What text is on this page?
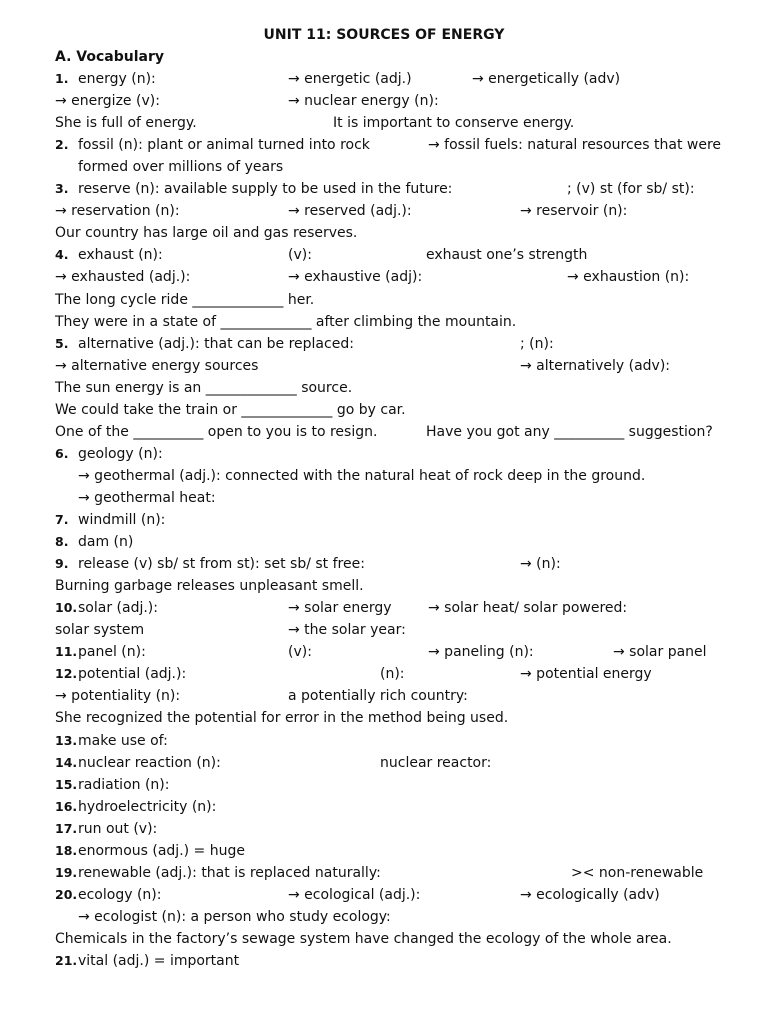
UNIT 11: SOURCES OF ENERGY
A. Vocabulary
1. energy (n):	→ energetic (adj.)	→ energetically (adv)
→ energize (v):	→ nuclear energy (n):
She is full of energy.	It is important to conserve energy.
2. fossil (n): plant or animal turned into rock	→ fossil fuels: natural resources that were
formed over millions of years
3. reserve (n): available supply to be used in the future:	; (v) st (for sb/ st):
→ reservation (n):	→ reserved (adj.):	→ reservoir (n):
Our country has large oil and gas reserves.
4. exhaust (n):	(v):	exhaust one’s strength
→ exhausted (adj.):	→ exhaustive (adj):	→ exhaustion (n):
The long cycle ride _____________ her.
They were in a state of _____________ after climbing the mountain.
5. alternative (adj.): that can be replaced:	; (n):
→ alternative energy sources	→ alternatively (adv):
The sun energy is an _____________ source.
We could take the train or _____________ go by car.
One of the __________ open to you is to resign.	Have you got any __________ suggestion?
6. geology (n):
→ geothermal (adj.): connected with the natural heat of rock deep in the ground.
→ geothermal heat:
7. windmill (n):
8. dam (n)
9. release (v) sb/ st from st): set sb/ st free:	→ (n):
Burning garbage releases unpleasant smell.
10. solar (adj.):	→ solar energy	→ solar heat/ solar powered:
solar system	→ the solar year:
11. panel (n):	(v):	→ paneling (n):	→ solar panel
12. potential (adj.):	(n):	→ potential energy
→ potentiality (n):	a potentially rich country:
She recognized the potential for error in the method being used.
13. make use of:
14. nuclear reaction (n):	nuclear reactor:
15. radiation (n):
16. hydroelectricity (n):
17. run out (v):
18. enormous (adj.) = huge
19. renewable (adj.): that is replaced naturally:	>< non-renewable
20. ecology (n):	→ ecological (adj.):	→ ecologically (adv)
→ ecologist (n): a person who study ecology:
Chemicals in the factory’s sewage system have changed the ecology of the whole area.
21. vital (adj.) = important
